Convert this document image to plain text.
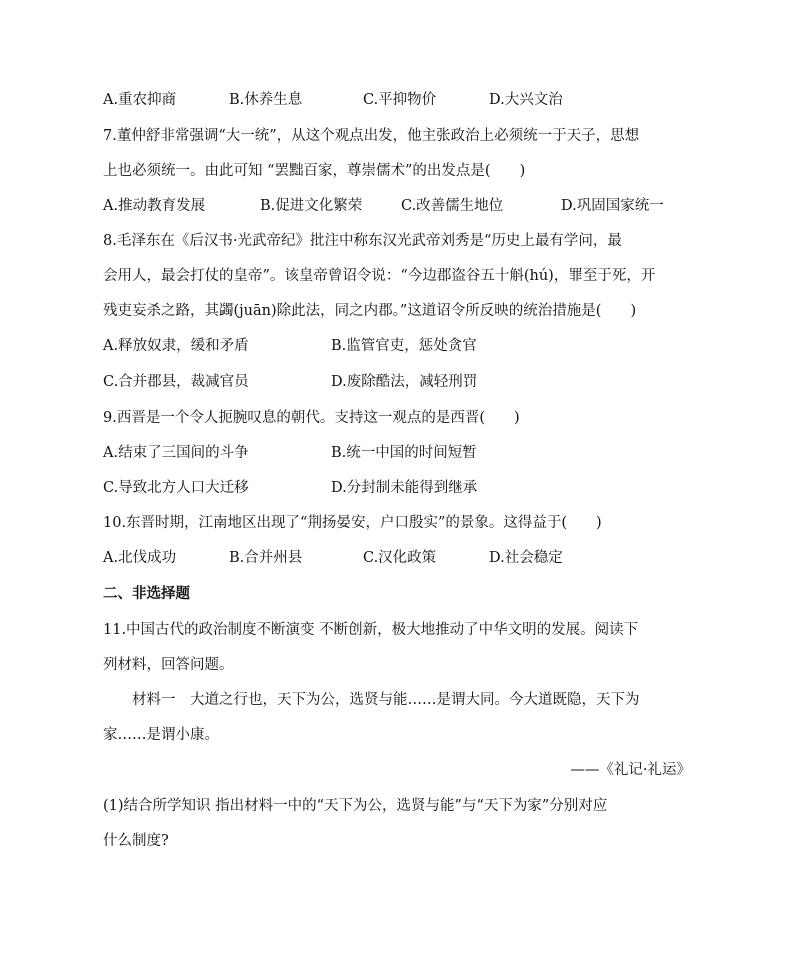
A.重农抑商	B.休养生息	C.平抑物价	D.大兴文治
7.董仲舒非常强调“大一统”，从这个观点出发，他主张政治上必须统一于天子，思想
上也必须统一。由此可知 “罢黜百家，尊崇儒术”的出发点是(　　)
A.推动教育发展	B.促进文化繁荣	C.改善儒生地位	D.巩固国家统一
8.毛泽东在《后汉书·光武帝纪》批注中称东汉光武帝刘秀是“历史上最有学问，最
会用人，最会打仗的皇帝”。该皇帝曾诏令说：“今边郡盗谷五十斛(hú)，罪至于死，开
残吏妄杀之路，其蠲(juān)除此法，同之内郡。”这道诏令所反映的统治措施是(　　)
A.释放奴隶，缓和矛盾	B.监管官吏，惩处贪官
C.合并郡县，裁减官员	D.废除酷法，减轻刑罚
9.西晋是一个令人扼腕叹息的朝代。支持这一观点的是西晋(　　)
A.结束了三国间的斗争	B.统一中国的时间短暂
C.导致北方人口大迁移	D.分封制未能得到继承
10.东晋时期，江南地区出现了“荆扬晏安，户口殷实”的景象。这得益于(　　)
A.北伐成功	B.合并州县	C.汉化政策	D.社会稳定
二、非选择题
11.中国古代的政治制度不断演变 不断创新，极大地推动了中华文明的发展。阅读下
列材料，回答问题。
材料一　大道之行也，天下为公，选贤与能……是谓大同。今大道既隐，天下为
家……是谓小康。
——《礼记·礼运》
(1)结合所学知识 指出材料一中的“天下为公，选贤与能”与“天下为家”分别对应
什么制度?
